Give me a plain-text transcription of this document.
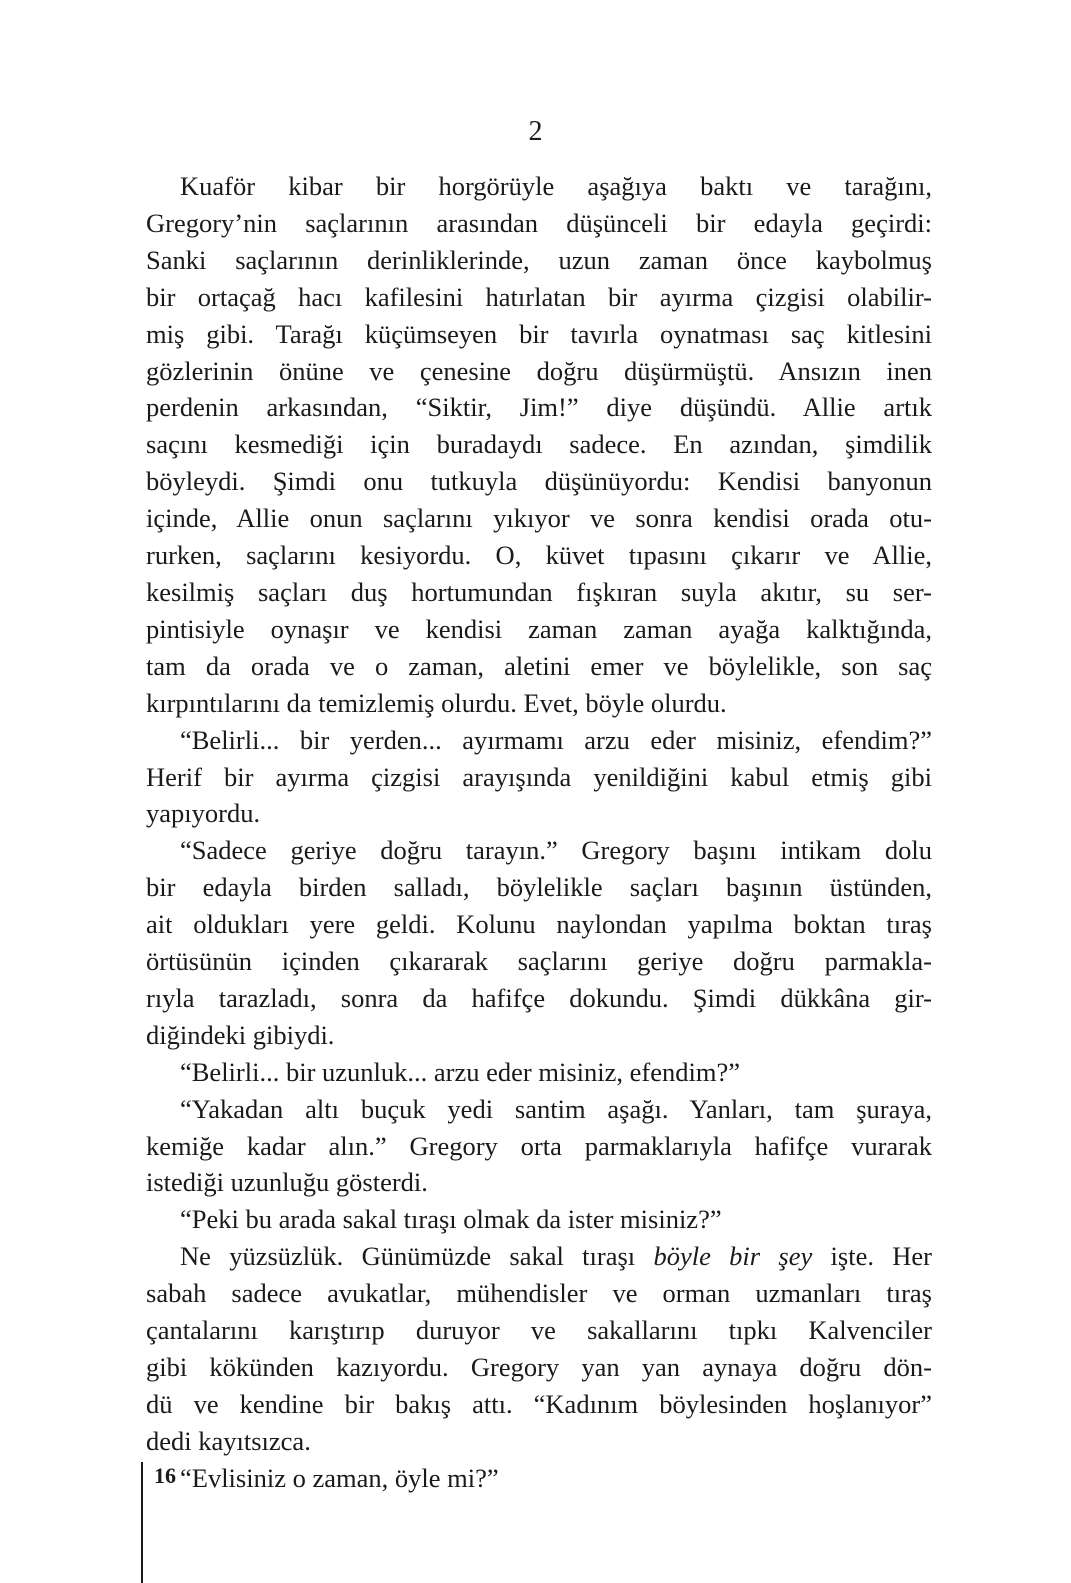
2
Kuaför kibar bir horgörüyle aşağıya baktı ve tarağını,
Gregory’nin saçlarının arasından düşünceli bir edayla geçirdi:
Sanki saçlarının derinliklerinde, uzun zaman önce kaybolmuş
bir ortaçağ hacı kafilesini hatırlatan bir ayırma çizgisi olabilir-
miş gibi. Tarağı küçümseyen bir tavırla oynatması saç kitlesini
gözlerinin önüne ve çenesine doğru düşürmüştü. Ansızın inen
perdenin arkasından, “Siktir, Jim!” diye düşündü. Allie artık
saçını kesmediği için buradaydı sadece. En azından, şimdilik
böyleydi. Şimdi onu tutkuyla düşünüyordu: Kendisi banyonun
içinde, Allie onun saçlarını yıkıyor ve sonra kendisi orada otu-
rurken, saçlarını kesiyordu. O, küvet tıpasını çıkarır ve Allie,
kesilmiş saçları duş hortumundan fışkıran suyla akıtır, su ser-
pintisiyle oynaşır ve kendisi zaman zaman ayağa kalktığında,
tam da orada ve o zaman, aletini emer ve böylelikle, son saç
kırpıntılarını da temizlemiş olurdu. Evet, böyle olurdu.
“Belirli... bir yerden... ayırmamı arzu eder misiniz, efendim?”
Herif bir ayırma çizgisi arayışında yenildiğini kabul etmiş gibi
yapıyordu.
“Sadece geriye doğru tarayın.” Gregory başını intikam dolu
bir edayla birden salladı, böylelikle saçları başının üstünden,
ait oldukları yere geldi. Kolunu naylondan yapılma boktan tıraş
örtüsünün içinden çıkararak saçlarını geriye doğru parmakla-
rıyla tarazladı, sonra da hafifçe dokundu. Şimdi dükkâna gir-
diğindeki gibiydi.
“Belirli... bir uzunluk... arzu eder misiniz, efendim?”
“Yakadan altı buçuk yedi santim aşağı. Yanları, tam şuraya,
kemiğe kadar alın.” Gregory orta parmaklarıyla hafifçe vurarak
istediği uzunluğu gösterdi.
“Peki bu arada sakal tıraşı olmak da ister misiniz?”
Ne yüzsüzlük. Günümüzde sakal tıraşı böyle bir şey işte. Her
sabah sadece avukatlar, mühendisler ve orman uzmanları tıraş
çantalarını karıştırıp duruyor ve sakallarını tıpkı Kalvenciler
gibi kökünden kazıyordu. Gregory yan yan aynaya doğru dön-
dü ve kendine bir bakış attı. “Kadınım böylesinden hoşlanıyor”
dedi kayıtsızca.
“Evlisiniz o zaman, öyle mi?”
16
